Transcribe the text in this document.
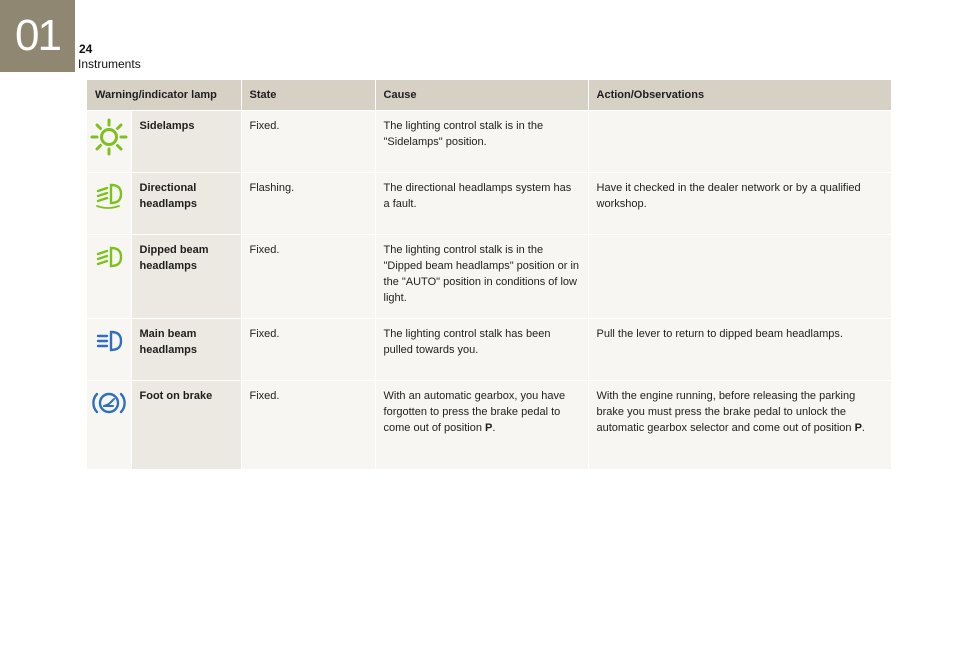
01	24
Instruments
Warning/indicator lamp		State	Cause	Action/Observations

	Sidelamps	Fixed.	The lighting control stalk is in the "Sidelamps" position.	

	Directional headlamps	Flashing.	The directional headlamps system has a fault.	Have it checked in the dealer network or by a qualified workshop.

	Dipped beam headlamps	Fixed.	The lighting control stalk is in the "Dipped beam headlamps" position or in the "AUTO" position in conditions of low light.	

	Main beam headlamps	Fixed.	The lighting control stalk has been pulled towards you.	Pull the lever to return to dipped beam headlamps.

	Foot on brake	Fixed.	With an automatic gearbox, you have forgotten to press the brake pedal to come out of position P.	With the engine running, before releasing the parking brake you must press the brake pedal to unlock the automatic gearbox selector and come out of position P.
